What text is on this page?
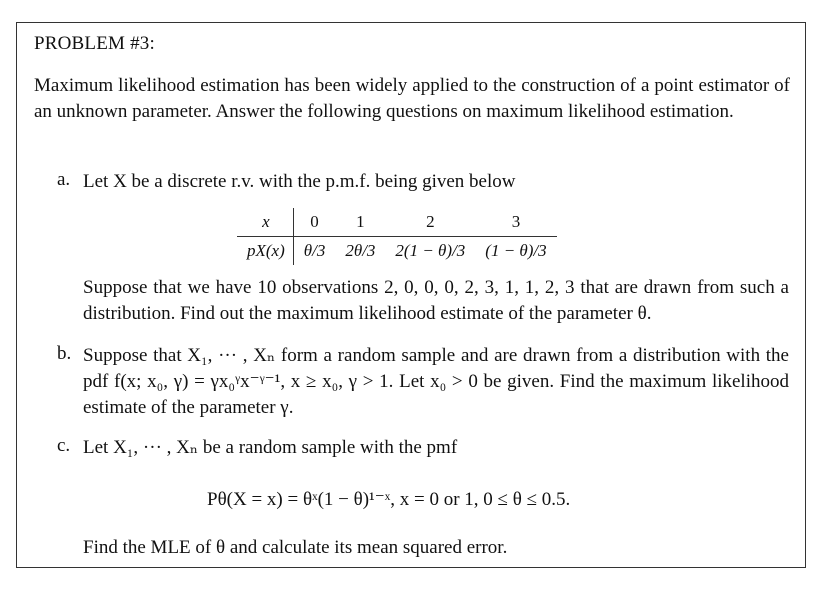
PROBLEM #3:
Maximum likelihood estimation has been widely applied to the construction of a point estimator of an unknown parameter. Answer the following questions on maximum likelihood estimation.
a. Let X be a discrete r.v. with the p.m.f. being given below
x	0	1	2	3
pX(x)	θ/3	2θ/3	2(1 − θ)/3	(1 − θ)/3
Suppose that we have 10 observations 2, 0, 0, 0, 2, 3, 1, 1, 2, 3 that are drawn from such a distribution. Find out the maximum likelihood estimate of the parameter θ.
b. Suppose that X₁, ··· , Xₙ form a random sample and are drawn from a distribution with the pdf f(x; x₀, γ) = γx₀ᵞx⁻ᵞ⁻¹, x ≥ x₀, γ > 1. Let x₀ > 0 be given. Find the maximum likelihood estimate of the parameter γ.
c. Let X₁, ··· , Xₙ be a random sample with the pmf
Pθ(X = x) = θˣ(1 − θ)¹⁻ˣ, x = 0 or 1, 0 ≤ θ ≤ 0.5.
Find the MLE of θ and calculate its mean squared error.
